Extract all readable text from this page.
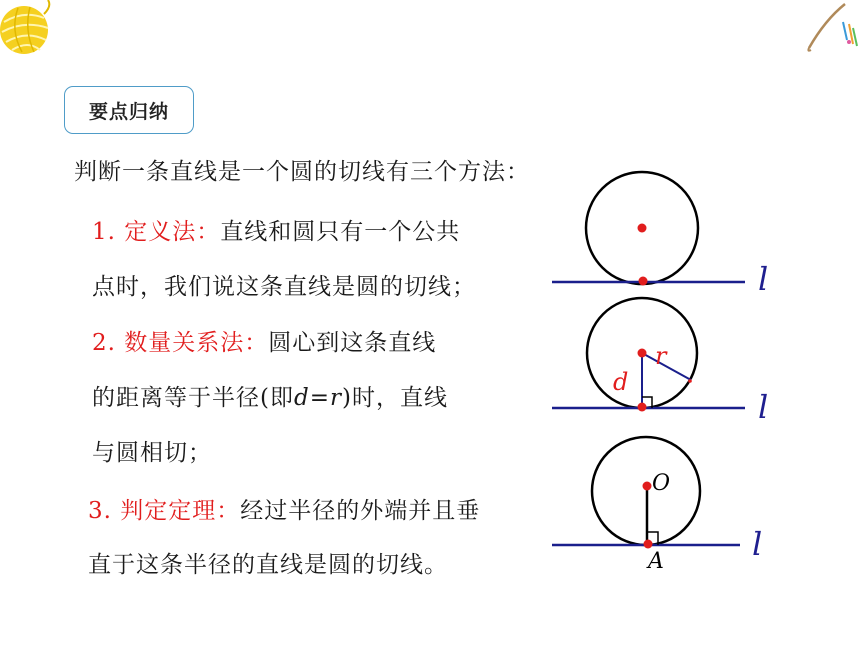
要点归纳
判断一条直线是一个圆的切线有三个方法：
1. 定义法：直线和圆只有一个公共
点时，我们说这条直线是圆的切线；
2. 数量关系法：圆心到这条直线
的距离等于半径(即d=r)时，直线
与圆相切；
3. 判定定理：经过半径的外端并且垂
直于这条半径的直线是圆的切线。
l
r
d
l
O
A	l
